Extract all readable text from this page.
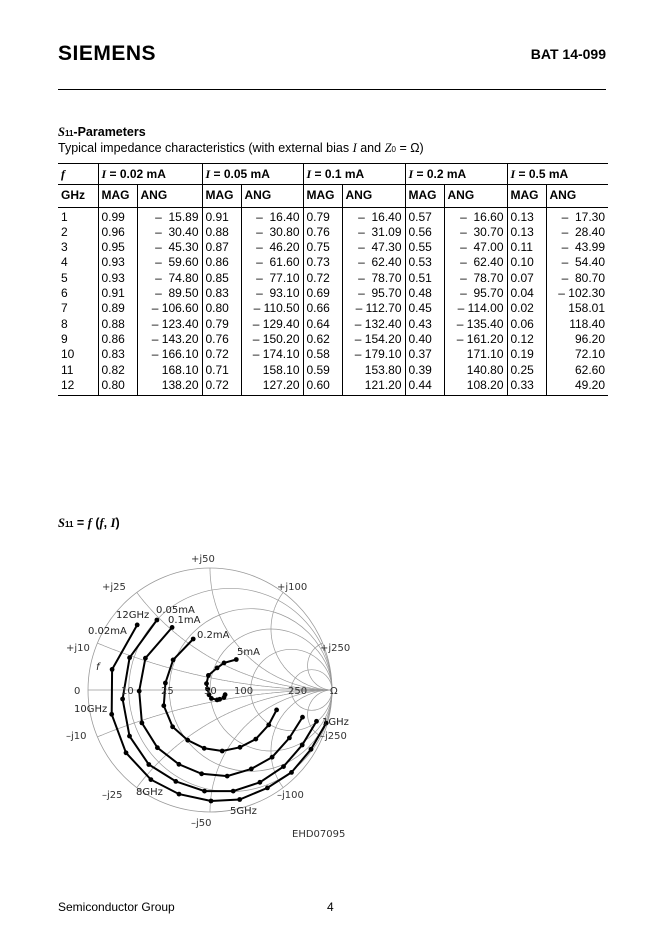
SIEMENS	BAT 14-099
S11-Parameters
Typical impedance characteristics (with external bias I and Z0 = Ω)
f	I = 0.02 mA		I = 0.05 mA		I = 0.1 mA		I = 0.2 mA		I = 0.5 mA	
GHz	MAG	ANG	MAG	ANG	MAG	ANG	MAG	ANG	MAG	ANG
1	0.99	–  15.89	0.91	–  16.40	0.79	–  16.40	0.57	–  16.60	0.13	–  17.30
2	0.96	–  30.40	0.88	–  30.80	0.76	–  31.09	0.56	–  30.70	0.13	–  28.40
3	0.95	–  45.30	0.87	–  46.20	0.75	–  47.30	0.55	–  47.00	0.11	–  43.99
4	0.93	–  59.60	0.86	–  61.60	0.73	–  62.40	0.53	–  62.40	0.10	–  54.40
5	0.93	–  74.80	0.85	–  77.10	0.72	–  78.70	0.51	–  78.70	0.07	–  80.70
6	0.91	–  89.50	0.83	–  93.10	0.69	–  95.70	0.48	–  95.70	0.04	– 102.30
7	0.89	– 106.60	0.80	– 110.50	0.66	– 112.70	0.45	– 114.00	0.02	158.01
8	0.88	– 123.40	0.79	– 129.40	0.64	– 132.40	0.43	– 135.40	0.06	118.40
9	0.86	– 143.20	0.76	– 150.20	0.62	– 154.20	0.40	– 161.20	0.12	96.20
10	0.83	– 166.10	0.72	– 174.10	0.58	– 179.10	0.37	171.10	0.19	72.10
11	0.82	168.10	0.71	158.10	0.59	153.80	0.39	140.80	0.25	62.60
12	0.80	138.20	0.72	127.20	0.60	121.20	0.44	108.20	0.33	49.20
S11 = f (f, I)
0	10	25	50 100	250 Ω
+j10
+j25
+j50
+j100
+j250
–j10
–j25
–j50
–j100
–j250
12GHz 0.05mA
0.1mA
0.02mA	0.2mA
5mA
10GHz
1GHz
8GHz
5GHz
f
EHD07095
Semiconductor Group	4
